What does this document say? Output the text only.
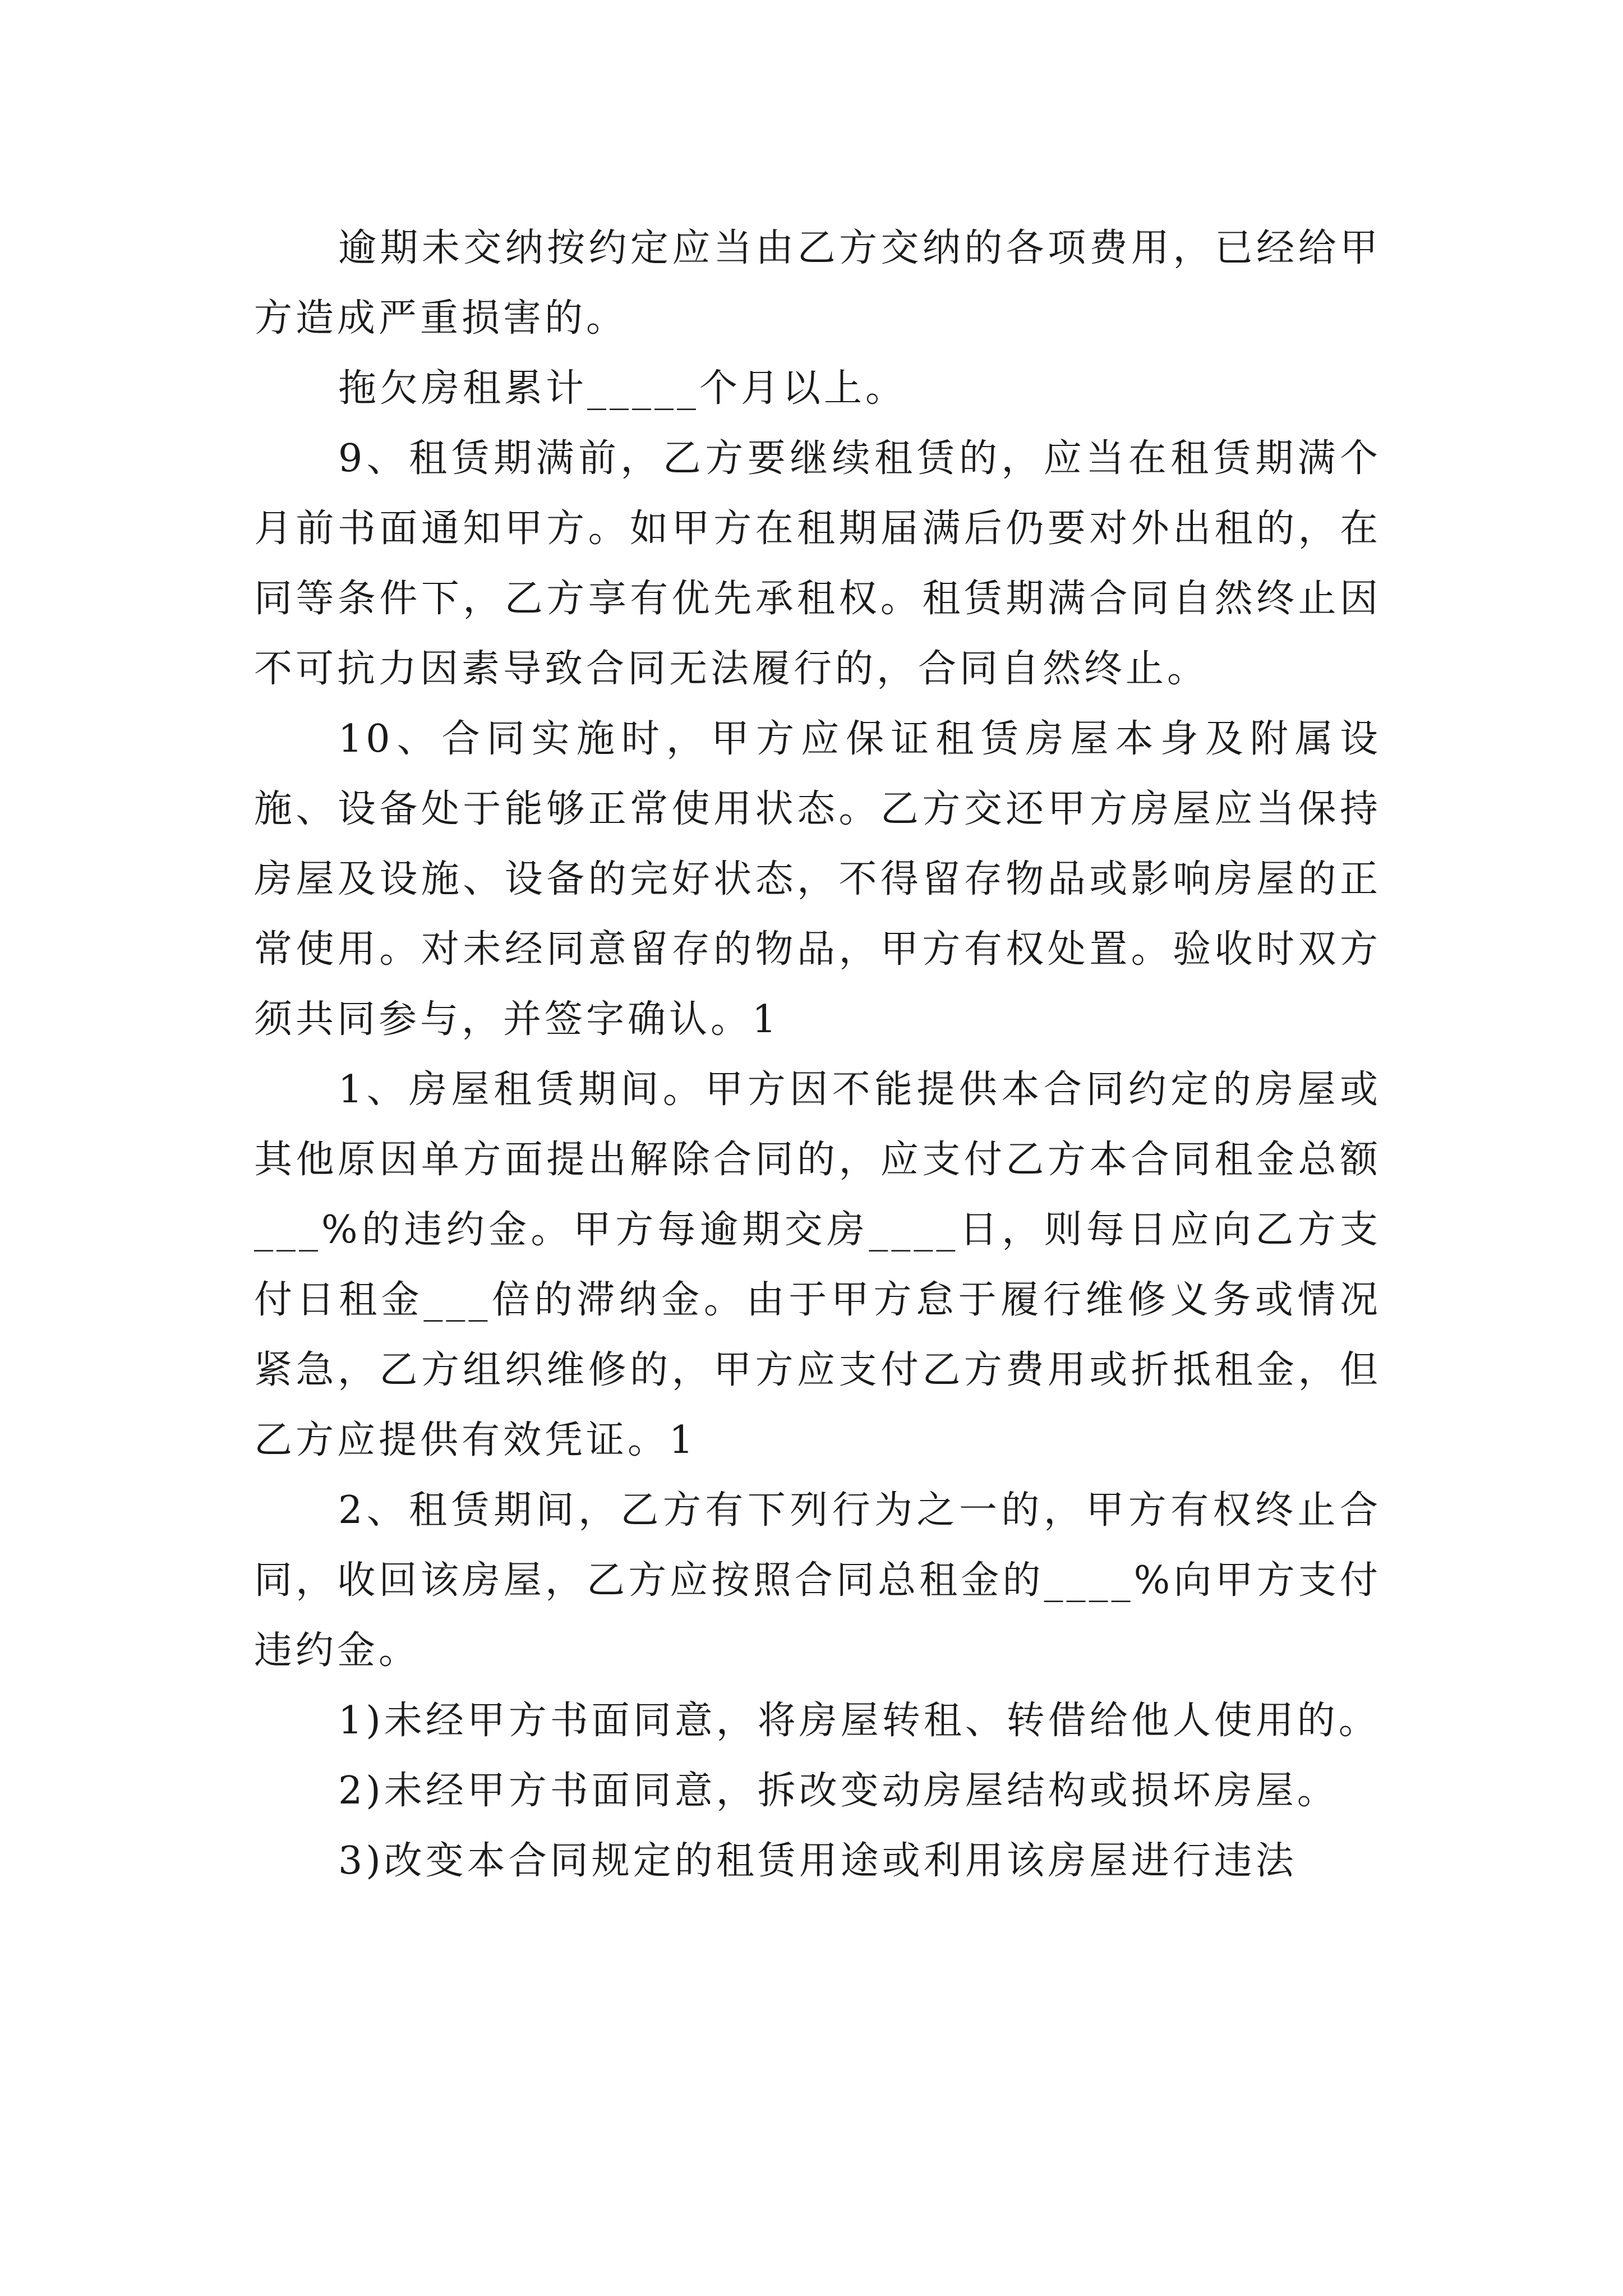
逾期未交纳按约定应当由乙方交纳的各项费用，已经给甲方造成严重损害的。

拖欠房租累计_____个月以上。

9、租赁期满前，乙方要继续租赁的，应当在租赁期满个月前书面通知甲方。如甲方在租期届满后仍要对外出租的，在同等条件下，乙方享有优先承租权。租赁期满合同自然终止因不可抗力因素导致合同无法履行的，合同自然终止。

10、合同实施时，甲方应保证租赁房屋本身及附属设施、设备处于能够正常使用状态。乙方交还甲方房屋应当保持房屋及设施、设备的完好状态，不得留存物品或影响房屋的正常使用。对未经同意留存的物品，甲方有权处置。验收时双方须共同参与，并签字确认。1

1、房屋租赁期间。甲方因不能提供本合同约定的房屋或其他原因单方面提出解除合同的，应支付乙方本合同租金总额___%的违约金。甲方每逾期交房____日，则每日应向乙方支付日租金___倍的滞纳金。由于甲方怠于履行维修义务或情况紧急，乙方组织维修的，甲方应支付乙方费用或折抵租金，但乙方应提供有效凭证。1

2、租赁期间，乙方有下列行为之一的，甲方有权终止合同，收回该房屋，乙方应按照合同总租金的____%向甲方支付违约金。

1)未经甲方书面同意，将房屋转租、转借给他人使用的。

2)未经甲方书面同意，拆改变动房屋结构或损坏房屋。

3)改变本合同规定的租赁用途或利用该房屋进行违法
